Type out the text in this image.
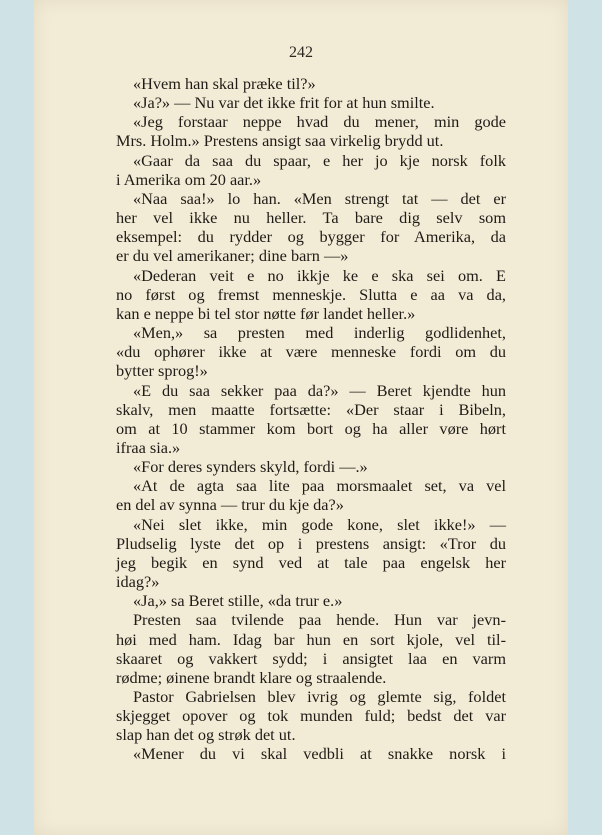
242
«Hvem han skal præke til?»
«Ja?» — Nu var det ikke frit for at hun smilte.
«Jeg forstaar neppe hvad du mener, min gode
Mrs. Holm.» Prestens ansigt saa virkelig brydd ut.
«Gaar da saa du spaar, e her jo kje norsk folk
i Amerika om 20 aar.»
«Naa saa!» lo han. «Men strengt tat — det er
her vel ikke nu heller. Ta bare dig selv som
eksempel: du rydder og bygger for Amerika, da
er du vel amerikaner; dine barn —»
«Dederan veit e no ikkje ke e ska sei om. E
no først og fremst menneskje. Slutta e aa va da,
kan e neppe bi tel stor nøtte før landet heller.»
«Men,» sa presten med inderlig godlidenhet,
«du ophører ikke at være menneske fordi om du
bytter sprog!»
«E du saa sekker paa da?» — Beret kjendte hun
skalv, men maatte fortsætte: «Der staar i Bibeln,
om at 10 stammer kom bort og ha aller vøre hørt
ifraa sia.»
«For deres synders skyld, fordi —.»
«At de agta saa lite paa morsmaalet set, va vel
en del av synna — trur du kje da?»
«Nei slet ikke, min gode kone, slet ikke!» —
Pludselig lyste det op i prestens ansigt: «Tror du
jeg begik en synd ved at tale paa engelsk her
idag?»
«Ja,» sa Beret stille, «da trur e.»
Presten saa tvilende paa hende. Hun var jevn-
høi med ham. Idag bar hun en sort kjole, vel til-
skaaret og vakkert sydd; i ansigtet laa en varm
rødme; øinene brandt klare og straalende.
Pastor Gabrielsen blev ivrig og glemte sig, foldet
skjegget opover og tok munden fuld; bedst det var
slap han det og strøk det ut.
«Mener du vi skal vedbli at snakke norsk i
